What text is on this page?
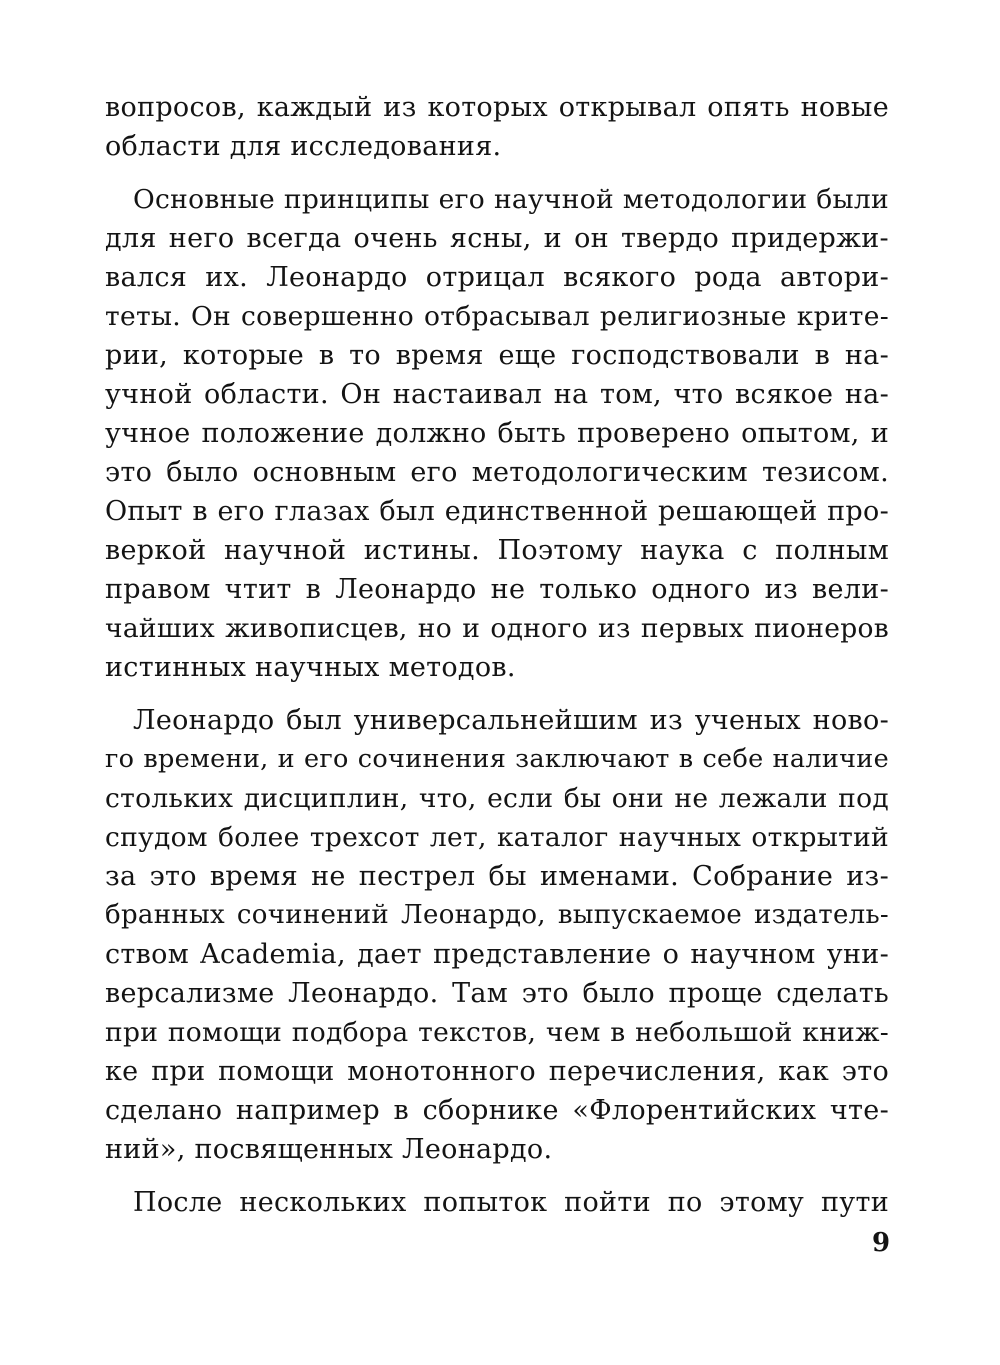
вопросов, каждый из которых открывал опять новые
области для исследования.
Основные принципы его научной методологии были
для него всегда очень ясны, и он твердо придержи-
вался их. Леонардо отрицал всякого рода автори-
теты. Он совершенно отбрасывал религиозные крите-
рии, которые в то время еще господствовали в на-
учной области. Он настаивал на том, что всякое на-
учное положение должно быть проверено опытом, и
это было основным его методологическим тезисом.
Опыт в его глазах был единственной решающей про-
веркой научной истины. Поэтому наука с полным
правом чтит в Леонардо не только одного из вели-
чайших живописцев, но и одного из первых пионеров
истинных научных методов.
Леонардо был универсальнейшим из ученых ново-
го времени, и его сочинения заключают в себе наличие
стольких дисциплин, что, если бы они не лежали под
спудом более трехсот лет, каталог научных открытий
за это время не пестрел бы именами. Собрание из-
бранных сочинений Леонардо, выпускаемое издатель-
ством Academia, дает представление о научном уни-
версализме Леонардо. Там это было проще сделать
при помощи подбора текстов, чем в небольшой книж-
ке при помощи монотонного перечисления, как это
сделано например в сборнике «Флорентийских чте-
ний», посвященных Леонардо.
После нескольких попыток пойти по этому пути
9
